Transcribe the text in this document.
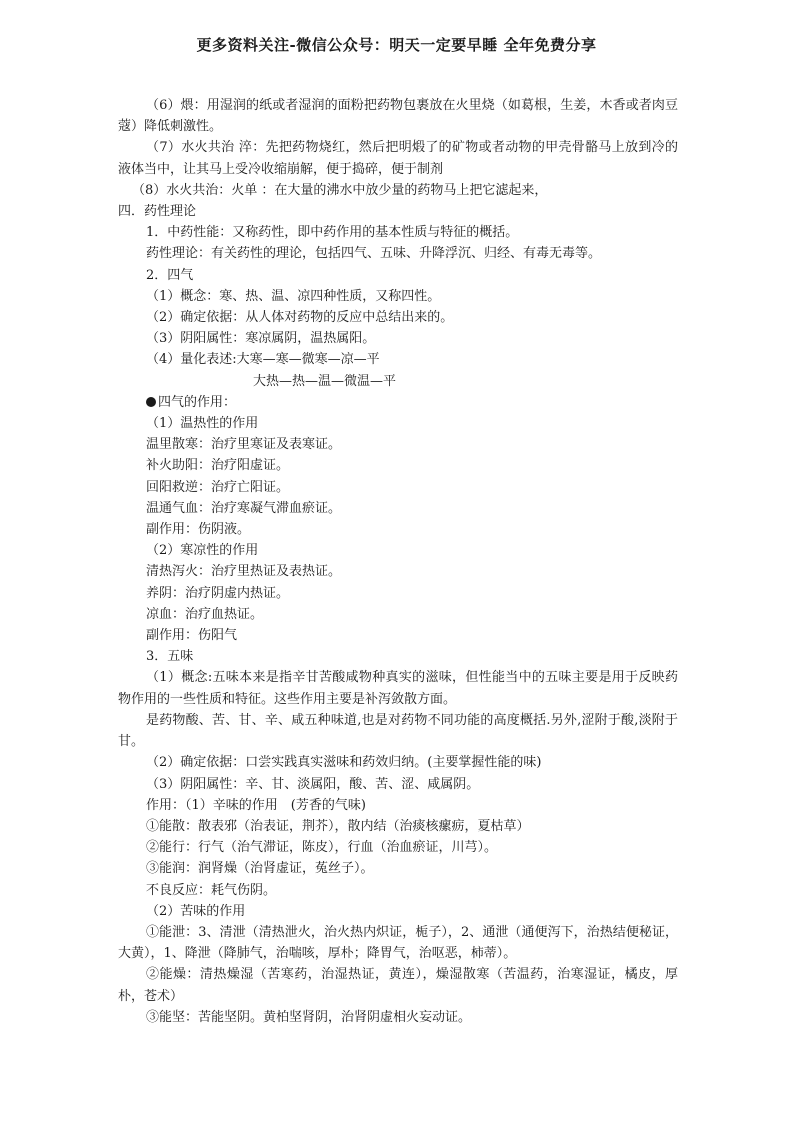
更多资料关注-微信公众号：明天一定要早睡 全年免费分享
（6）煨：用湿润的纸或者湿润的面粉把药物包裹放在火里烧（如葛根，生姜，木香或者肉豆蔻）降低刺激性。
（7）水火共治 淬：先把药物烧红，然后把明煅了的矿物或者动物的甲壳骨骼马上放到冷的液体当中，让其马上受冷收缩崩解，便于捣碎，便于制剂
（8）水火共治：火单 ：在大量的沸水中放少量的药物马上把它滤起来，
四．药性理论
1．中药性能：又称药性，即中药作用的基本性质与特征的概括。
药性理论：有关药性的理论，包括四气、五味、升降浮沉、归经、有毒无毒等。
2．四气
（1）概念：寒、热、温、凉四种性质，又称四性。
（2）确定依据：从人体对药物的反应中总结出来的。
（3）阴阳属性：寒凉属阴，温热属阳。
（4）量化表述:大寒—寒—微寒—凉—平
大热—热—温—微温—平
四气的作用：
（1）温热性的作用
温里散寒：治疗里寒证及表寒证。
补火助阳：治疗阳虚证。
回阳救逆：治疗亡阳证。
温通气血：治疗寒凝气滞血瘀证。
副作用：伤阴液。
（2）寒凉性的作用
清热泻火：治疗里热证及表热证。
养阴：治疗阴虚内热证。
凉血：治疗血热证。
副作用：伤阳气
3．五味
（1）概念:五味本来是指辛甘苦酸咸物种真实的滋味，但性能当中的五味主要是用于反映药物作用的一些性质和特征。这些作用主要是补泻敛散方面。
是药物酸、苦、甘、辛、咸五种味道,也是对药物不同功能的高度概括.另外,涩附于酸,淡附于甘。
（2）确定依据：口尝实践真实滋味和药效归纳。(主要掌握性能的味)
（3）阴阳属性：辛、甘、淡属阳，酸、苦、涩、咸属阴。
作用：（1）辛味的作用　(芳香的气味)
①能散：散表邪（治表证，荆芥），散内结（治痰核瘰疬，夏枯草）
②能行：行气（治气滞证，陈皮），行血（治血瘀证，川芎）。
③能润：润肾燥（治肾虚证，菟丝子）。
不良反应：耗气伤阴。
（2）苦味的作用
①能泄：3、清泄（清热泄火，治火热内炽证，栀子），2、通泄（通便泻下，治热结便秘证，大黄），1、降泄（降肺气，治喘咳，厚朴；降胃气，治呕恶，柿蒂）。
②能燥：清热燥湿（苦寒药，治湿热证，黄连），燥湿散寒（苦温药，治寒湿证，橘皮，厚朴，苍术）
③能坚：苦能坚阴。黄柏坚肾阴，治肾阴虚相火妄动证。
